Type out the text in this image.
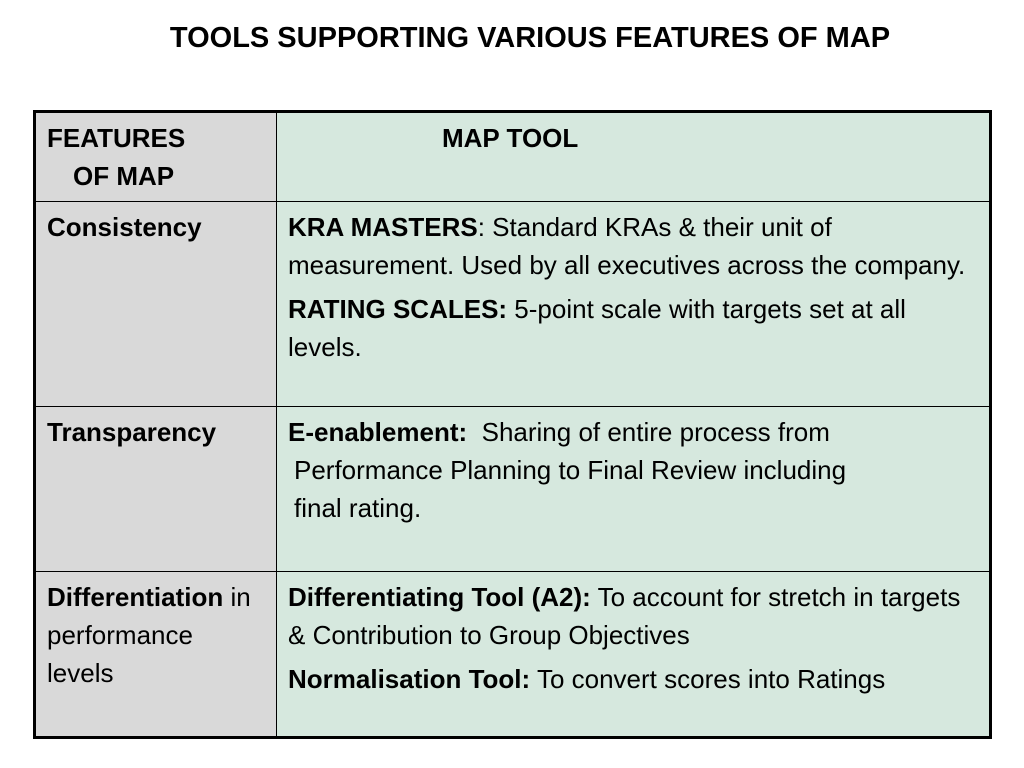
TOOLS SUPPORTING VARIOUS FEATURES OF MAP
FEATURES
OF MAP	MAP TOOL

Consistency	KRA MASTERS: Standard KRAs & their unit of measurement. Used by all executives across the company.

RATING SCALES: 5-point scale with targets set at all levels.

Transparency	E-enablement:  Sharing of entire process from
Performance Planning to Final Review including
final rating.

Differentiation in performance levels	Differentiating Tool (A2): To account for stretch in targets & Contribution to Group Objectives

Normalisation Tool: To convert scores into Ratings
